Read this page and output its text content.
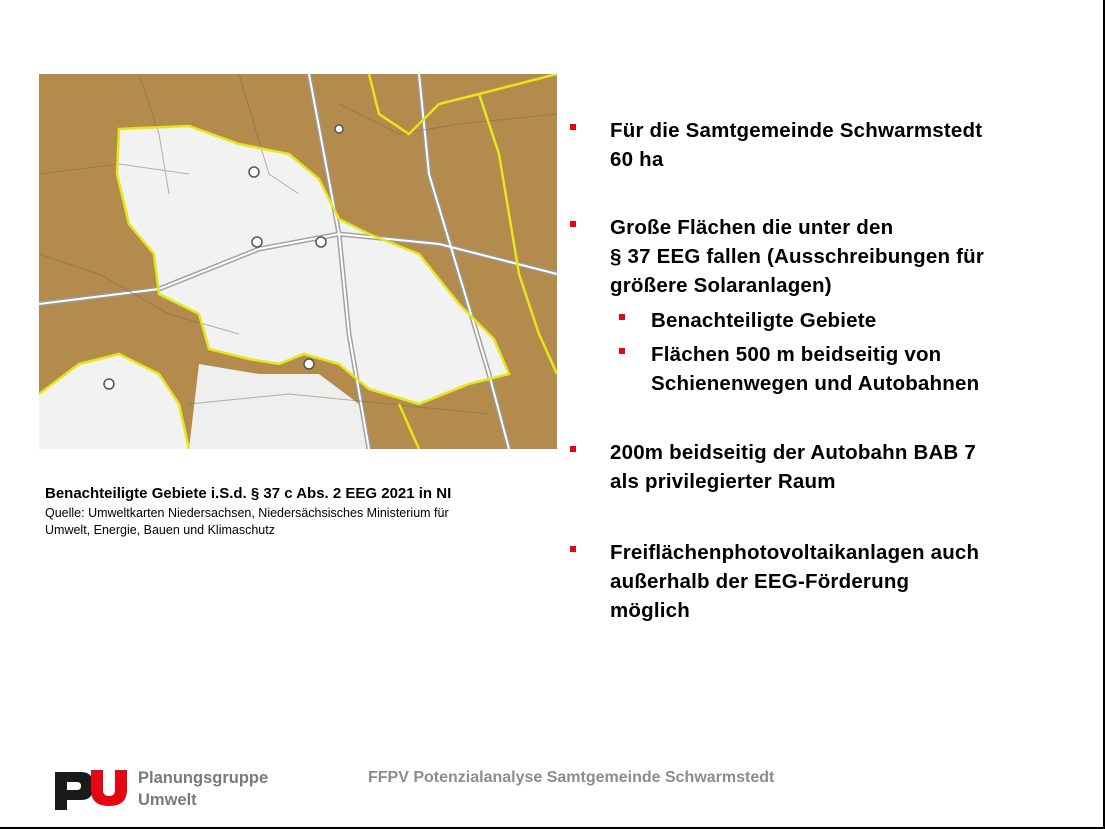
Benachteiligte Gebiete i.S.d. § 37 c Abs. 2 EEG 2021 in NI
Quelle: Umweltkarten Niedersachsen, Niedersächsisches Ministerium für
Umwelt, Energie, Bauen und Klimaschutz
Für die Samtgemeinde Schwarmstedt
60 ha
Große Flächen die unter den
§ 37 EEG fallen (Ausschreibungen für
größere Solaranlagen)
Benachteiligte Gebiete
Flächen 500 m beidseitig von
Schienenwegen und Autobahnen
200m beidseitig der Autobahn BAB 7
als privilegierter Raum
Freiflächenphotovoltaikanlagen auch
außerhalb der EEG-Förderung
möglich
Planungsgruppe
Umwelt
FFPV Potenzialanalyse Samtgemeinde Schwarmstedt
